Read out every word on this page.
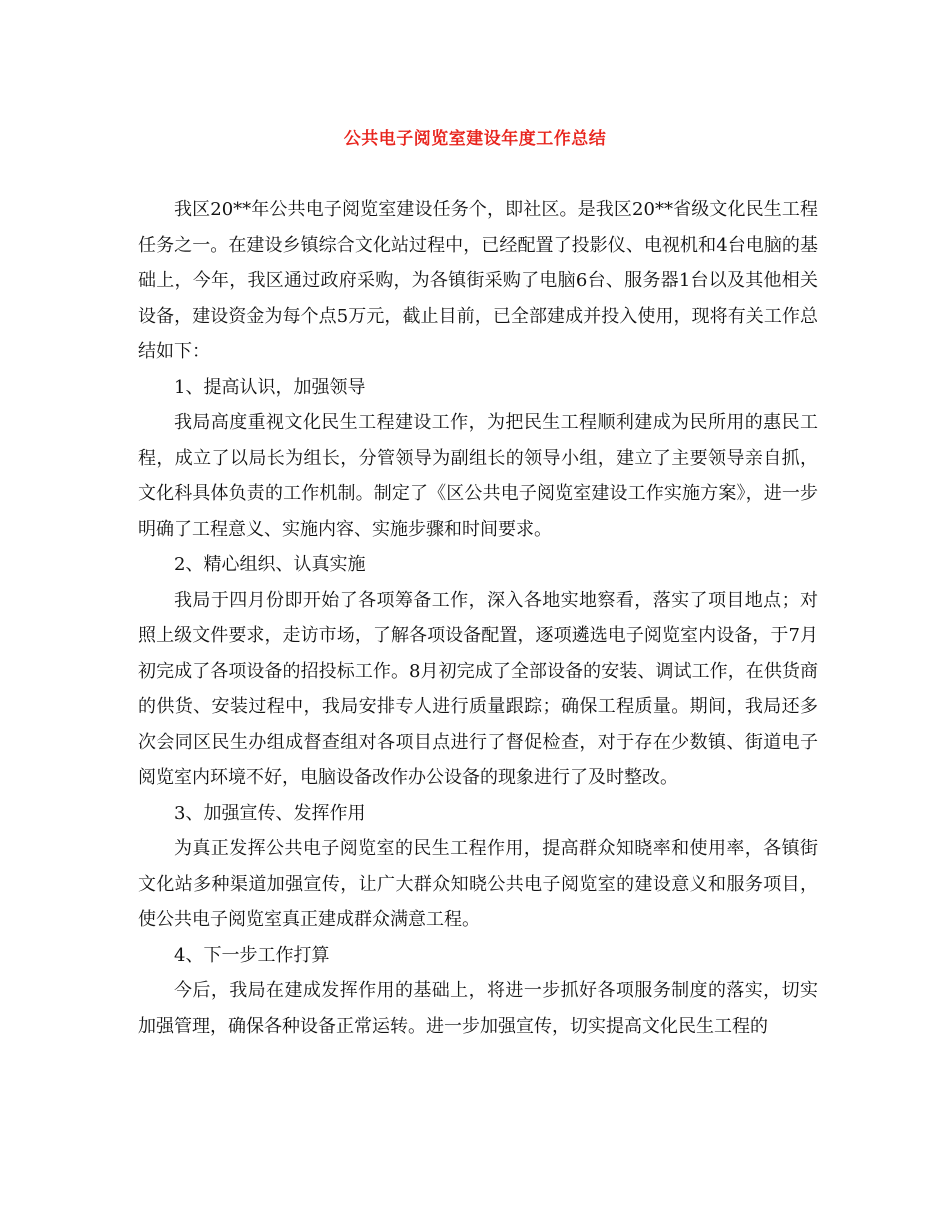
公共电子阅览室建设年度工作总结

我区20**年公共电子阅览室建设任务个，即社区。是我区20**省级文化民生工程任务之一。在建设乡镇综合文化站过程中，已经配置了投影仪、电视机和4台电脑的基础上，今年，我区通过政府采购，为各镇街采购了电脑6台、服务器1台以及其他相关设备，建设资金为每个点5万元，截止目前，已全部建成并投入使用，现将有关工作总结如下：

1、提高认识，加强领导

我局高度重视文化民生工程建设工作，为把民生工程顺利建成为民所用的惠民工程，成立了以局长为组长，分管领导为副组长的领导小组，建立了主要领导亲自抓，文化科具体负责的工作机制。制定了《区公共电子阅览室建设工作实施方案》，进一步明确了工程意义、实施内容、实施步骤和时间要求。

2、精心组织、认真实施

我局于四月份即开始了各项筹备工作，深入各地实地察看，落实了项目地点；对照上级文件要求，走访市场，了解各项设备配置，逐项遴选电子阅览室内设备，于7月初完成了各项设备的招投标工作。8月初完成了全部设备的安装、调试工作，在供货商的供货、安装过程中，我局安排专人进行质量跟踪；确保工程质量。期间，我局还多次会同区民生办组成督查组对各项目点进行了督促检查，对于存在少数镇、街道电子阅览室内环境不好，电脑设备改作办公设备的现象进行了及时整改。

3、加强宣传、发挥作用

为真正发挥公共电子阅览室的民生工程作用，提高群众知晓率和使用率，各镇街文化站多种渠道加强宣传，让广大群众知晓公共电子阅览室的建设意义和服务项目，使公共电子阅览室真正建成群众满意工程。

4、下一步工作打算

今后，我局在建成发挥作用的基础上，将进一步抓好各项服务制度的落实，切实加强管理，确保各种设备正常运转。进一步加强宣传，切实提高文化民生工程的
